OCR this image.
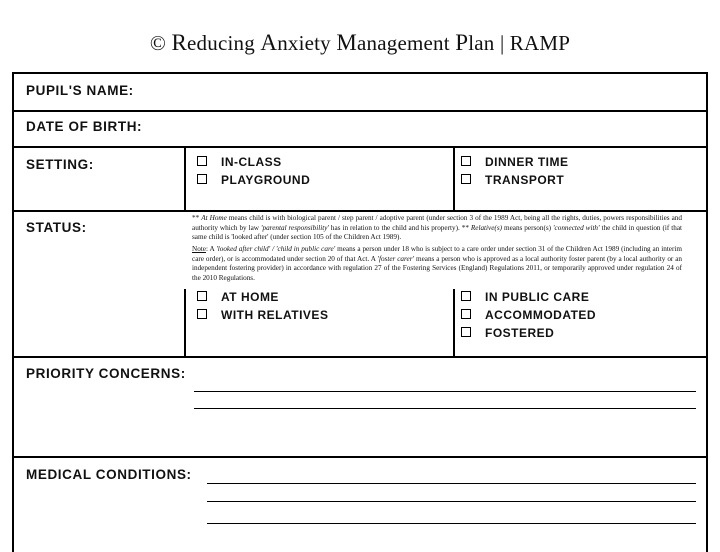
© Reducing Anxiety Management Plan | RAMP
PUPIL'S NAME:
DATE OF BIRTH:
SETTING:
STATUS:
PRIORITY CONCERNS:
MEDICAL CONDITIONS:
IN-CLASS
PLAYGROUND
DINNER TIME
TRANSPORT
** At Home means child is with biological parent / step parent / adoptive parent (under section 3 of the 1989 Act, being all the rights, duties, powers responsibilities and authority which by law 'parental responsibility' has in relation to the child and his property). ** Relative(s) means person(s) 'connected with' the child in question (if that same child is 'looked after' (under section 105 of the Children Act 1989).
Note: A 'looked after child' / 'child in public care' means a person under 18 who is subject to a care order under section 31 of the Children Act 1989 (including an interim care order), or is accommodated under section 20 of that Act. A 'foster carer' means a person who is approved as a local authority foster parent (by a local authority or an independent fostering provider) in accordance with regulation 27 of the Fostering Services (England) Regulations 2011, or temporarily approved under regulation 24 of the 2010 Regulations.
AT HOME
WITH RELATIVES
IN PUBLIC CARE
ACCOMMODATED
FOSTERED
